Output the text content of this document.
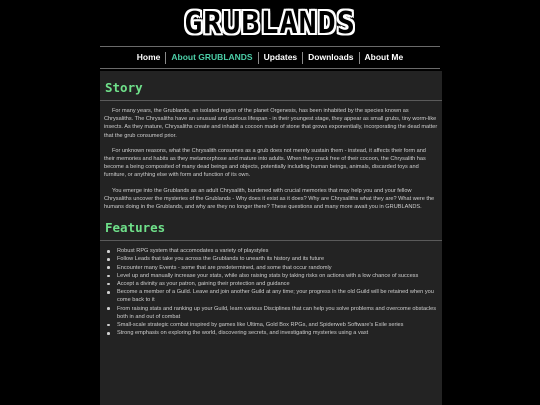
GRUBLANDS
Home	About GRUBLANDS	Updates	Downloads	About Me
Story

For many years, the Grublands, an isolated region of the planet Orgenesis, has been inhabited by the species known as Chrysaliths. The Chrysaliths have an unusual and curious lifespan - in their youngest stage, they appear as small grubs, tiny worm-like insects. As they mature, Chrysaliths create and inhabit a cocoon made of stone that grows exponentially, incorporating the dead matter that the grub consumed prior.

For unknown reasons, what the Chrysalith consumes as a grub does not merely sustain them - instead, it affects their form and their memories and habits as they metamorphose and mature into adults. When they crack free of their cocoon, the Chrysalith has become a being composited of many dead beings and objects, potentially including human beings, animals, discarded toys and furniture, or anything else with form and function of its own.

You emerge into the Grublands as an adult Chrysalith, burdened with crucial memories that may help you and your fellow Chrysaliths uncover the mysteries of the Grublands - Why does it exist as it does? Why are Chrysaliths what they are? What were the humans doing in the Grublands, and why are they no longer there? These questions and many more await you in GRUBLANDS.

Features
Robust RPG system that accomodates a variety of playstyles
Follow Leads that take you across the Grublands to unearth its history and its future
Encounter many Events - some that are predetermined, and some that occur randomly
Level up and manually increase your stats, while also raising stats by taking risks on actions with a low chance of success
Accept a divinity as your patron, gaining their protection and guidance
Become a member of a Guild. Leave and join another Guild at any time; your progress in the old Guild will be retained when you come back to it
From raising stats and ranking up your Guild, learn various Disciplines that can help you solve problems and overcome obstacles both in and out of combat
Small-scale strategic combat inspired by games like Ultima, Gold Box RPGs, and Spiderweb Software's Exile series
Strong emphasis on exploring the world, discovering secrets, and investigating mysteries using a vast
